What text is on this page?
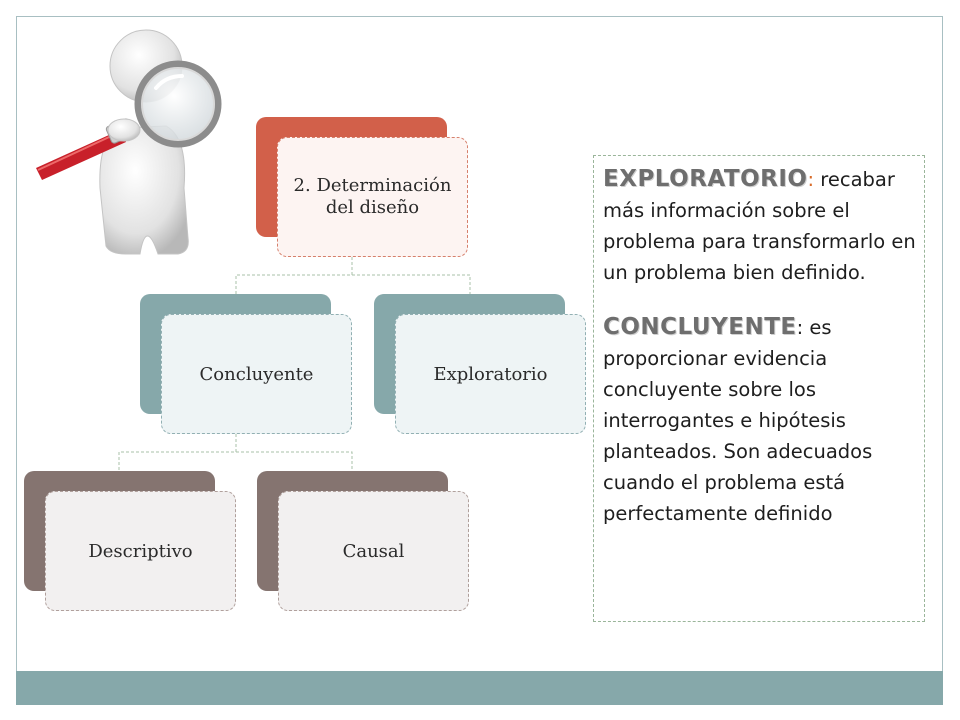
2. Determinación del diseño
Concluyente	Exploratorio
Descriptivo	Causal
EXPLORATORIO: recabar más información sobre el problema para transformarlo en un problema bien definido.
CONCLUYENTE: es proporcionar evidencia concluyente sobre los interrogantes e hipótesis planteados. Son adecuados cuando el problema está perfectamente definido
